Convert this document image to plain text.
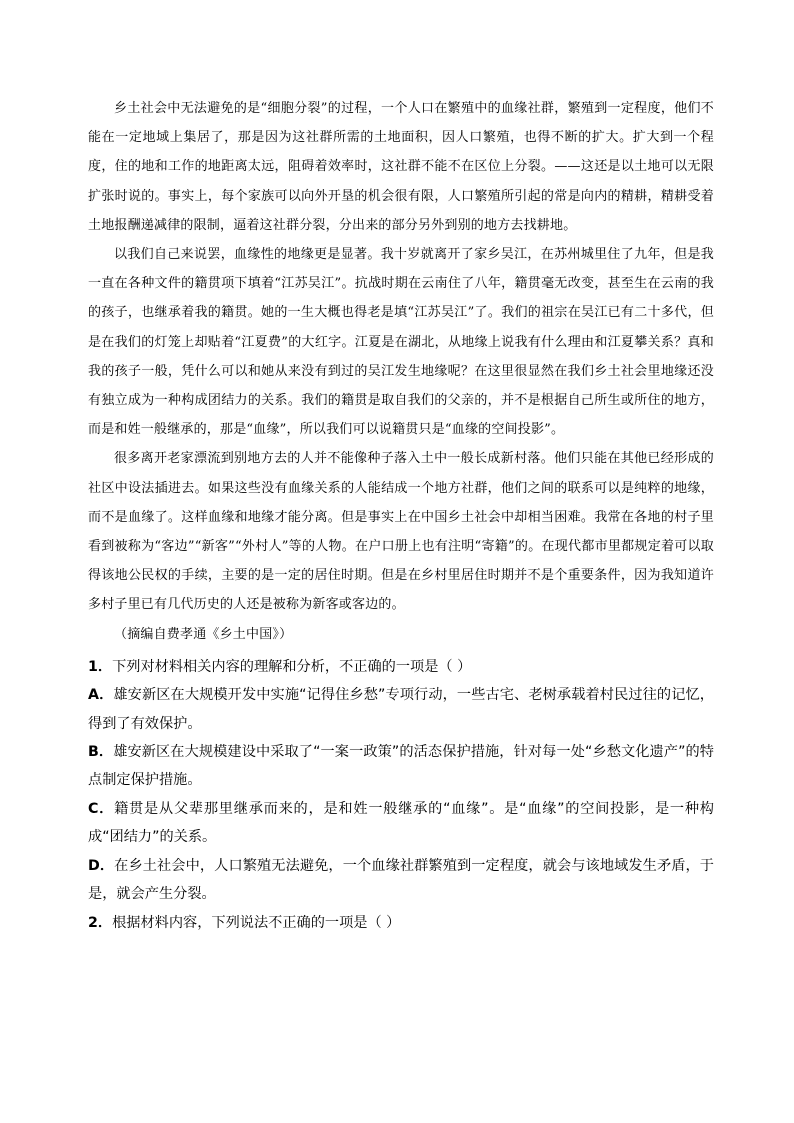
乡土社会中无法避免的是“细胞分裂”的过程，一个人口在繁殖中的血缘社群，繁殖到一定程度，他们不能在一定地域上集居了，那是因为这社群所需的土地面积，因人口繁殖，也得不断的扩大。扩大到一个程度，住的地和工作的地距离太远，阻碍着效率时，这社群不能不在区位上分裂。——这还是以土地可以无限扩张时说的。事实上，每个家族可以向外开垦的机会很有限，人口繁殖所引起的常是向内的精耕，精耕受着土地报酬递减律的限制，逼着这社群分裂，分出来的部分另外到别的地方去找耕地。

以我们自己来说罢，血缘性的地缘更是显著。我十岁就离开了家乡吴江，在苏州城里住了九年，但是我一直在各种文件的籍贯项下填着“江苏吴江”。抗战时期在云南住了八年，籍贯毫无改变，甚至生在云南的我的孩子，也继承着我的籍贯。她的一生大概也得老是填“江苏吴江”了。我们的祖宗在吴江已有二十多代，但是在我们的灯笼上却贴着“江夏费”的大红字。江夏是在湖北，从地缘上说我有什么理由和江夏攀关系？真和我的孩子一般，凭什么可以和她从来没有到过的吴江发生地缘呢？在这里很显然在我们乡土社会里地缘还没有独立成为一种构成团结力的关系。我们的籍贯是取自我们的父亲的，并不是根据自己所生或所住的地方，而是和姓一般继承的，那是“血缘”，所以我们可以说籍贯只是“血缘的空间投影”。

很多离开老家漂流到别地方去的人并不能像种子落入土中一般长成新村落。他们只能在其他已经形成的社区中设法插进去。如果这些没有血缘关系的人能结成一个地方社群，他们之间的联系可以是纯粹的地缘，而不是血缘了。这样血缘和地缘才能分离。但是事实上在中国乡土社会中却相当困难。我常在各地的村子里看到被称为“客边”“新客”“外村人”等的人物。在户口册上也有注明“寄籍”的。在现代都市里都规定着可以取得该地公民权的手续，主要的是一定的居住时期。但是在乡村里居住时期并不是个重要条件，因为我知道许多村子里已有几代历史的人还是被称为新客或客边的。

（摘编自费孝通《乡土中国》）

1．下列对材料相关内容的理解和分析，不正确的一项是（ ）

A．雄安新区在大规模开发中实施“记得住乡愁”专项行动，一些古宅、老树承载着村民过往的记忆，得到了有效保护。

B．雄安新区在大规模建设中采取了“一案一政策”的活态保护措施，针对每一处“乡愁文化遗产”的特点制定保护措施。

C．籍贯是从父辈那里继承而来的，是和姓一般继承的“血缘”。是“血缘”的空间投影，是一种构成“团结力”的关系。

D．在乡土社会中，人口繁殖无法避免，一个血缘社群繁殖到一定程度，就会与该地域发生矛盾，于是，就会产生分裂。

2．根据材料内容，下列说法不正确的一项是（ ）
